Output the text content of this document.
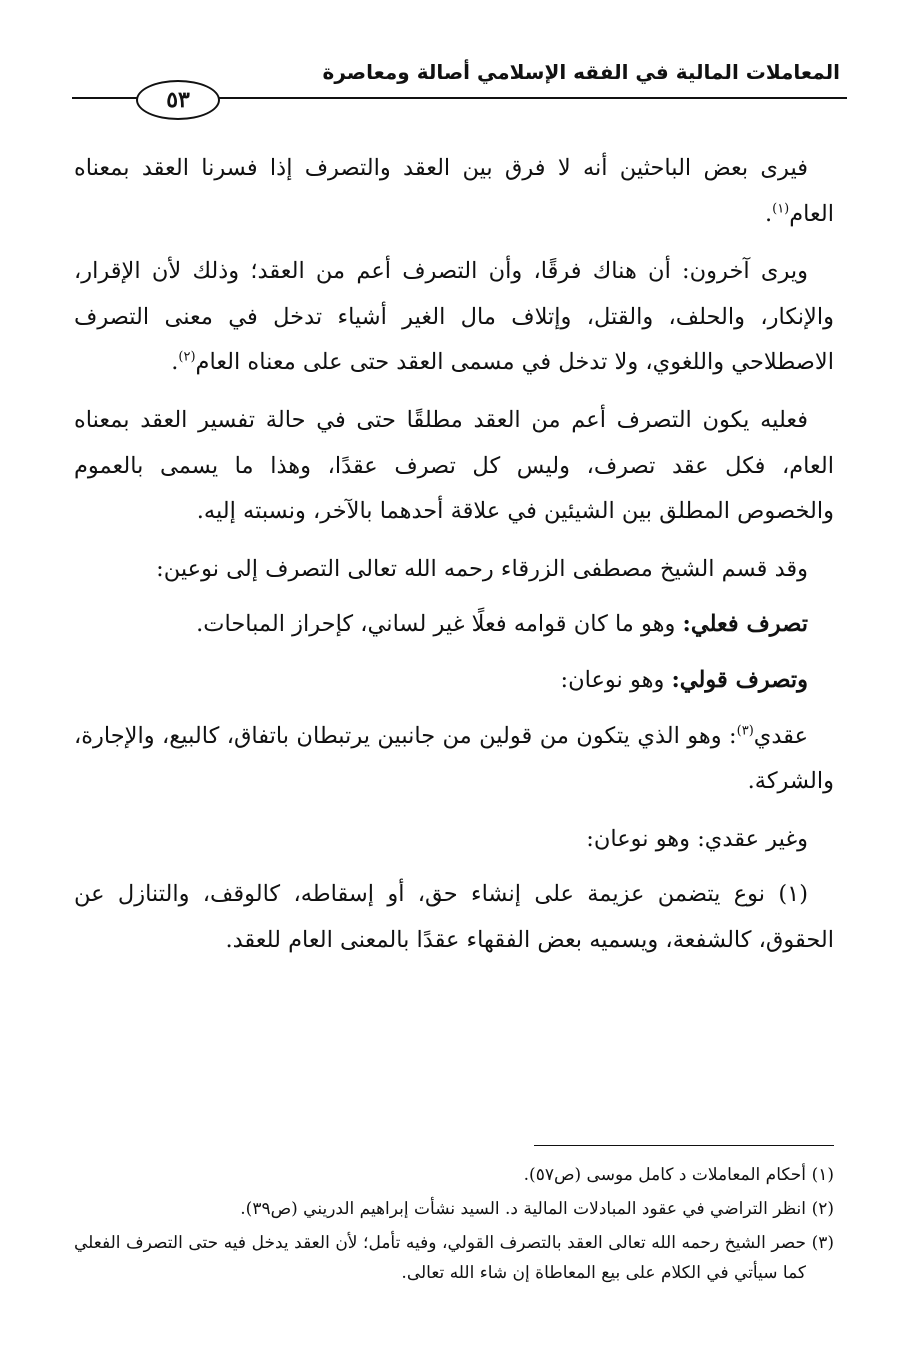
المعاملات المالية في الفقه الإسلامي أصالة ومعاصرة
٥٣

فيرى بعض الباحثين أنه لا فرق بين العقد والتصرف إذا فسرنا العقد بمعناه العام$^{(١)}$.

ويرى آخرون: أن هناك فرقًا، وأن التصرف أعم من العقد؛ وذلك لأن الإقرار، والإنكار، والحلف، والقتل، وإتلاف مال الغير أشياء تدخل في معنى التصرف الاصطلاحي واللغوي، ولا تدخل في مسمى العقد حتى على معناه العام$^{(٢)}$.

فعليه يكون التصرف أعم من العقد مطلقًا حتى في حالة تفسير العقد بمعناه العام، فكل عقد تصرف، وليس كل تصرف عقدًا، وهذا ما يسمى بالعموم والخصوص المطلق بين الشيئين في علاقة أحدهما بالآخر، ونسبته إليه.

وقد قسم الشيخ مصطفى الزرقاء رحمه الله تعالى التصرف إلى نوعين:

تصرف فعلي: وهو ما كان قوامه فعلًا غير لساني، كإحراز المباحات.

وتصرف قولي: وهو نوعان:

عقدي$^{(٣)}$: وهو الذي يتكون من قولين من جانبين يرتبطان باتفاق، كالبيع، والإجارة، والشركة.

وغير عقدي: وهو نوعان:

(١) نوع يتضمن عزيمة على إنشاء حق، أو إسقاطه، كالوقف، والتنازل عن الحقوق، كالشفعة، ويسميه بعض الفقهاء عقدًا بالمعنى العام للعقد.

(١)أحكام المعاملات د كامل موسى (ص٥٧).

(٢)انظر التراضي في عقود المبادلات المالية د. السيد نشأت إبراهيم الدريني (ص٣٩).

(٣)حصر الشيخ رحمه الله تعالى العقد بالتصرف القولي، وفيه تأمل؛ لأن العقد يدخل فيه حتى التصرف الفعلي كما سيأتي في الكلام على بيع المعاطاة إن شاء الله تعالى.
